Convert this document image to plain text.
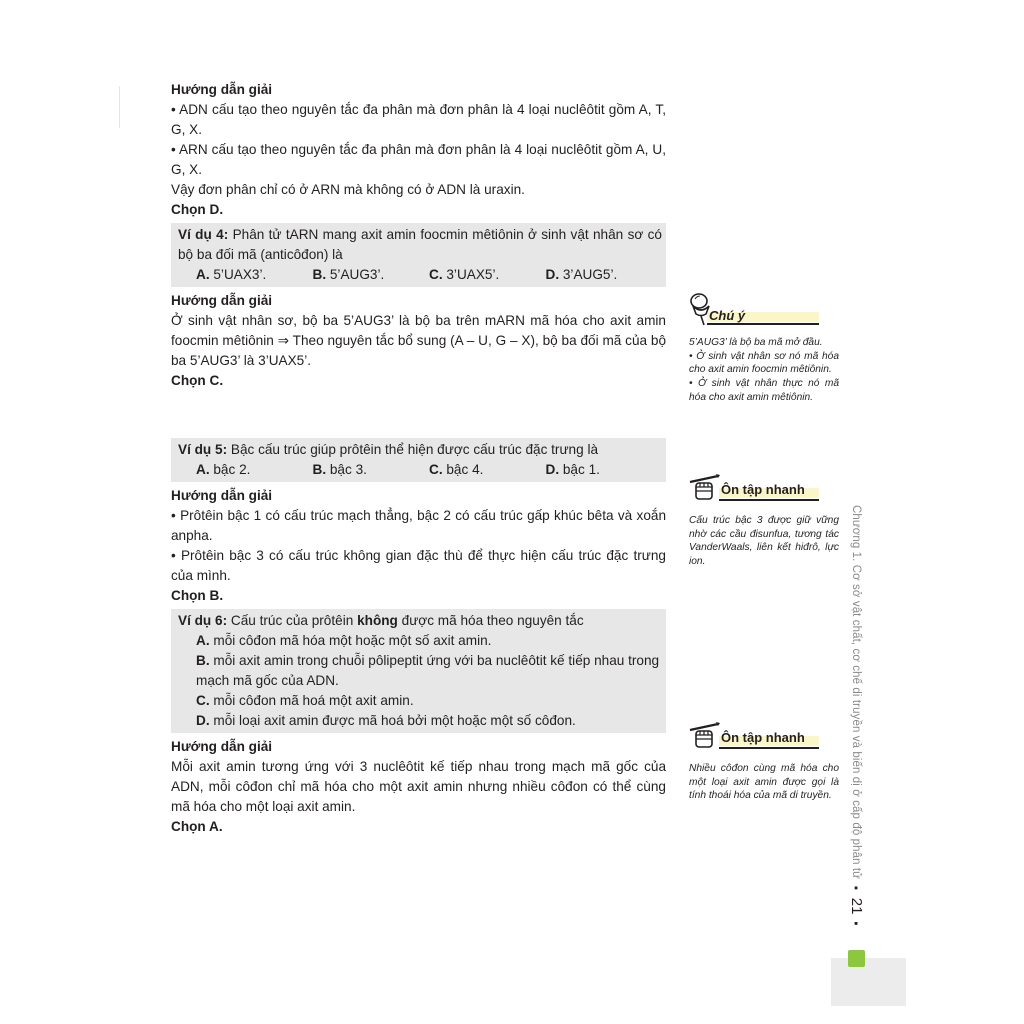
Hướng dẫn giải

• ADN cấu tạo theo nguyên tắc đa phân mà đơn phân là 4 loại nuclêôtit gồm A, T, G, X.

• ARN cấu tạo theo nguyên tắc đa phân mà đơn phân là 4 loại nuclêôtit gồm A, U, G, X.

Vậy đơn phân chỉ có ở ARN mà không có ở ADN là uraxin.

Chọn D.

Ví dụ 4: Phân tử tARN mang axit amin foocmin mêtiônin ở sinh vật nhân sơ có bộ ba đối mã (anticôđon) là

A. 5’UAX3’.	B. 5’AUG3’.	C. 3’UAX5’.	D. 3’AUG5’.

Hướng dẫn giải

Ở sinh vật nhân sơ, bộ ba 5’AUG3’ là bộ ba trên mARN mã hóa cho axit amin foocmin mêtiônin ⇒ Theo nguyên tắc bổ sung (A – U, G – X), bộ ba đối mã của bộ ba 5’AUG3’ là 3’UAX5’.

Chọn C.

Ví dụ 5: Bậc cấu trúc giúp prôtêin thể hiện được cấu trúc đặc trưng là

A. bậc 2.	B. bậc 3.	C. bậc 4.	D. bậc 1.

Hướng dẫn giải

• Prôtêin bậc 1 có cấu trúc mạch thẳng, bậc 2 có cấu trúc gấp khúc bêta và xoắn anpha.

• Prôtêin bậc 3 có cấu trúc không gian đặc thù để thực hiện cấu trúc đặc trưng của mình.

Chọn B.

Ví dụ 6: Cấu trúc của prôtêin không được mã hóa theo nguyên tắc

A. mỗi côđon mã hóa một hoặc một số axit amin.

B. mỗi axit amin trong chuỗi pôlipeptit ứng với ba nuclêôtit kế tiếp nhau trong mạch mã gốc của ADN.

C. mỗi côđon mã hoá một axit amin.

D. mỗi loại axit amin được mã hoá bởi một hoặc một số côđon.

Hướng dẫn giải

Mỗi axit amin tương ứng với 3 nuclêôtit kế tiếp nhau trong mạch mã gốc của ADN, mỗi côđon chỉ mã hóa cho một axit amin nhưng nhiều côđon có thể cùng mã hóa cho một loại axit amin.

Chọn A.

Chú ý

5’AUG3’ là bộ ba mã mở đầu.

• Ở sinh vật nhân sơ nó mã hóa cho axit amin foocmin mêtiônin.

• Ở sinh vật nhân thực nó mã hóa cho axit amin mêtiônin.

Ôn tập nhanh

Cấu trúc bậc 3 được giữ vững nhờ các cầu đisunfua, tương tác VanderWaals, liên kết hiđrô, lực ion.

Ôn tập nhanh

Nhiều côđon cùng mã hóa cho một loại axit amin được gọi là tính thoái hóa của mã di truyền.	Chương 1. Cơ sở vật chất, cơ chế di truyền và biến dị ở cấp độ phân tử ▪ 21 ▪
